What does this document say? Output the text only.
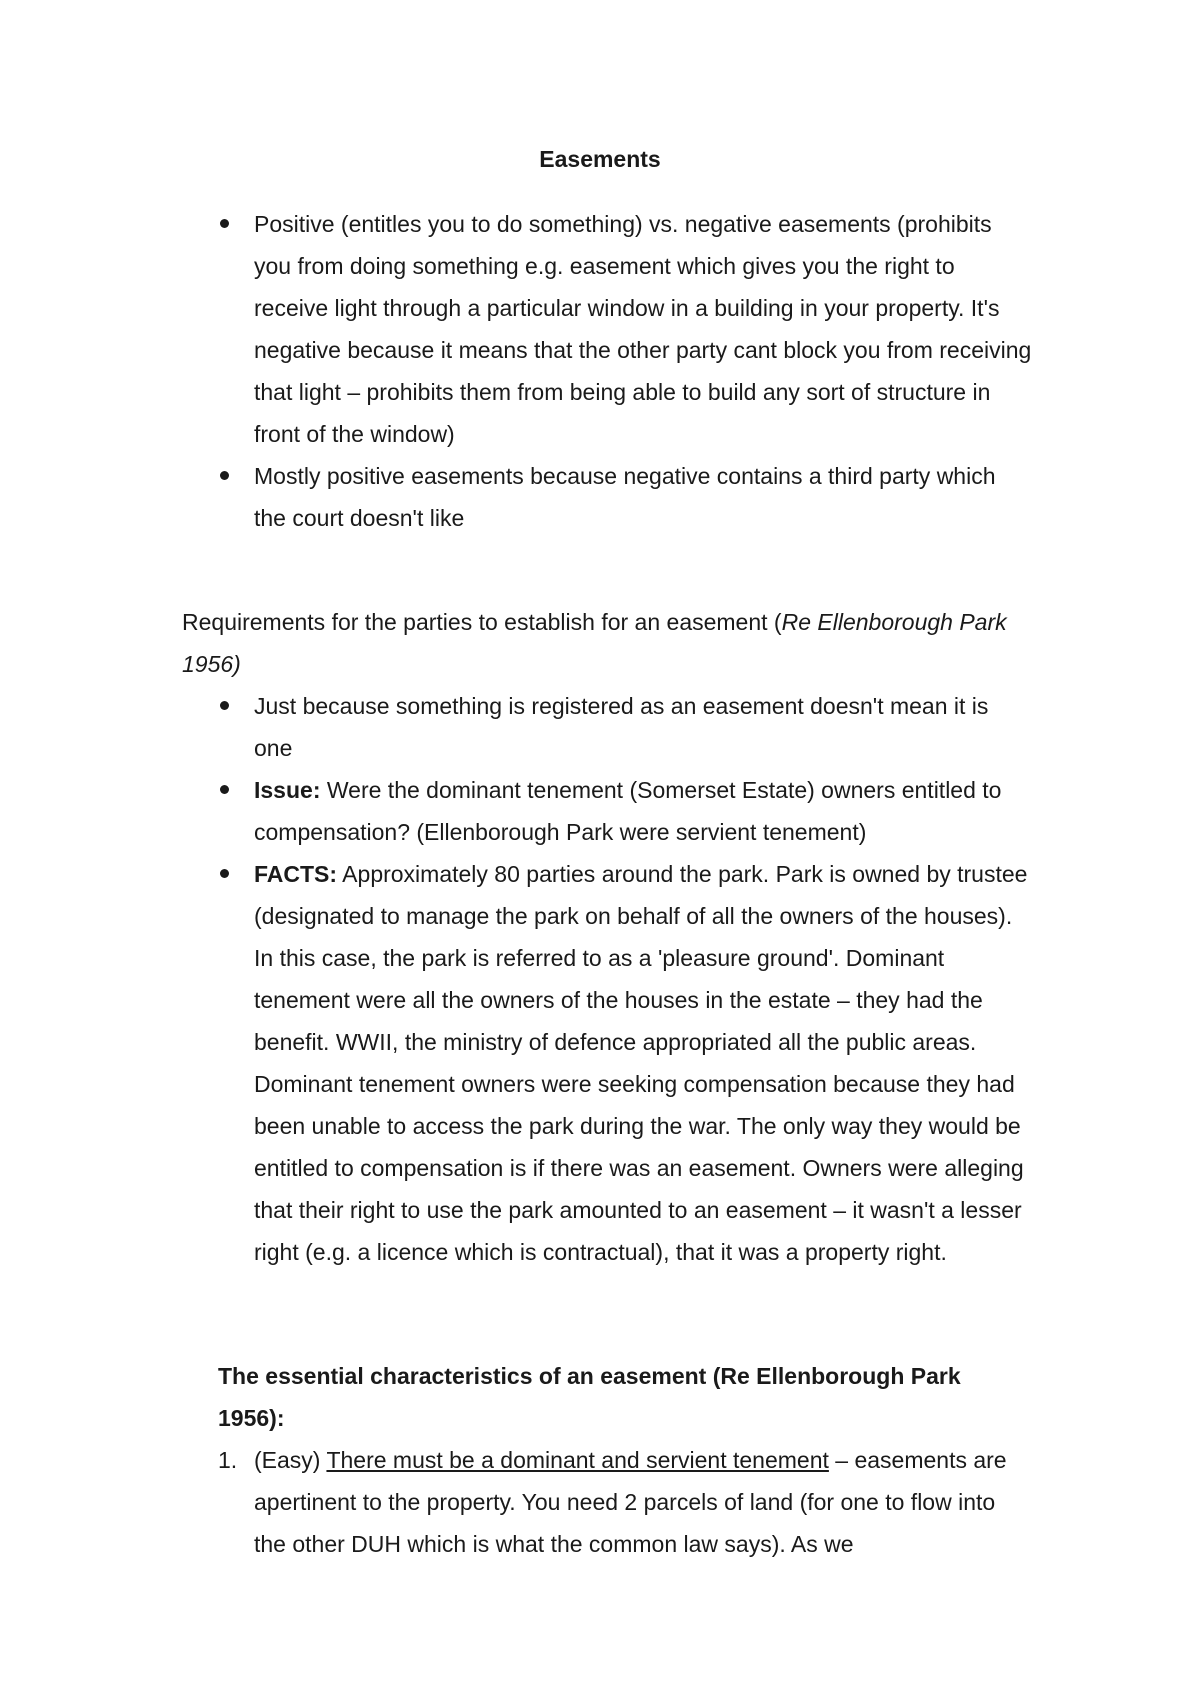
Easements
Positive (entitles you to do something) vs. negative easements (prohibits you from doing something e.g. easement which gives you the right to receive light through a particular window in a building in your property. It's negative because it means that the other party cant block you from receiving that light – prohibits them from being able to build any sort of structure in front of the window)
Mostly positive easements because negative contains a third party which the court doesn't like
Requirements for the parties to establish for an easement (Re Ellenborough Park 1956)
Just because something is registered as an easement doesn't mean it is one
Issue: Were the dominant tenement (Somerset Estate) owners entitled to compensation? (Ellenborough Park were servient tenement)
FACTS: Approximately 80 parties around the park. Park is owned by trustee (designated to manage the park on behalf of all the owners of the houses). In this case, the park is referred to as a 'pleasure ground'. Dominant tenement were all the owners of the houses in the estate – they had the benefit. WWII, the ministry of defence appropriated all the public areas. Dominant tenement owners were seeking compensation because they had been unable to access the park during the war. The only way they would be entitled to compensation is if there was an easement. Owners were alleging that their right to use the park amounted to an easement – it wasn't a lesser right (e.g. a licence which is contractual), that it was a property right.
The essential characteristics of an easement (Re Ellenborough Park 1956):
1. (Easy) There must be a dominant and servient tenement – easements are apertinent to the property. You need 2 parcels of land (for one to flow into the other DUH which is what the common law says). As we
